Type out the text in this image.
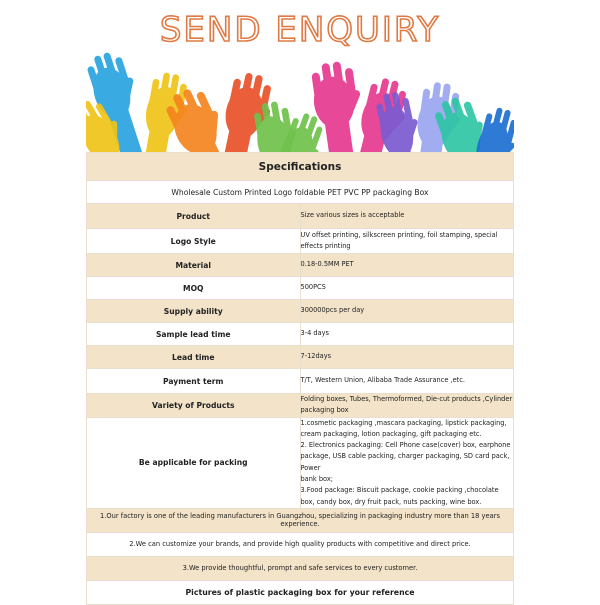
SEND ENQUIRY
Specifications	
Wholesale Custom Printed Logo foldable PET PVC PP packaging Box	
Product	Size various sizes is acceptable
Logo Style	UV offset printing, silkscreen printing, foil stamping, special effects printing
Material	0.18-0.5MM PET
MOQ	500PCS
Supply ability	300000pcs per day
Sample lead time	3-4 days
Lead time	7-12days
Payment term	T/T, Western Union, Alibaba Trade Assurance ,etc.
Variety of Products	Folding boxes, Tubes, Thermoformed, Die-cut products ,Cylinder packaging box
Be applicable for packing	1.cosmetic packaging ,mascara packaging, lipstick packaging, cream packaging, lotion packaging, gift packaging etc.
2. Electronics packaging: Cell Phone case(cover) box, earphone package, USB cable packing, charger packaging, SD card pack, Power
bank box;
3.Food package: Biscuit package, cookie packing ,chocolate box, candy box, dry fruit pack, nuts packing, wine box.

1.Our factory is one of the leading manufacturers in Guangzhou, specializing in packaging industry more than 18 years experience.	
2.We can customize your brands, and provide high quality products with competitive and direct price.	
3.We provide thoughtful, prompt and safe services to every customer.	
Pictures of plastic packaging box for your reference	
